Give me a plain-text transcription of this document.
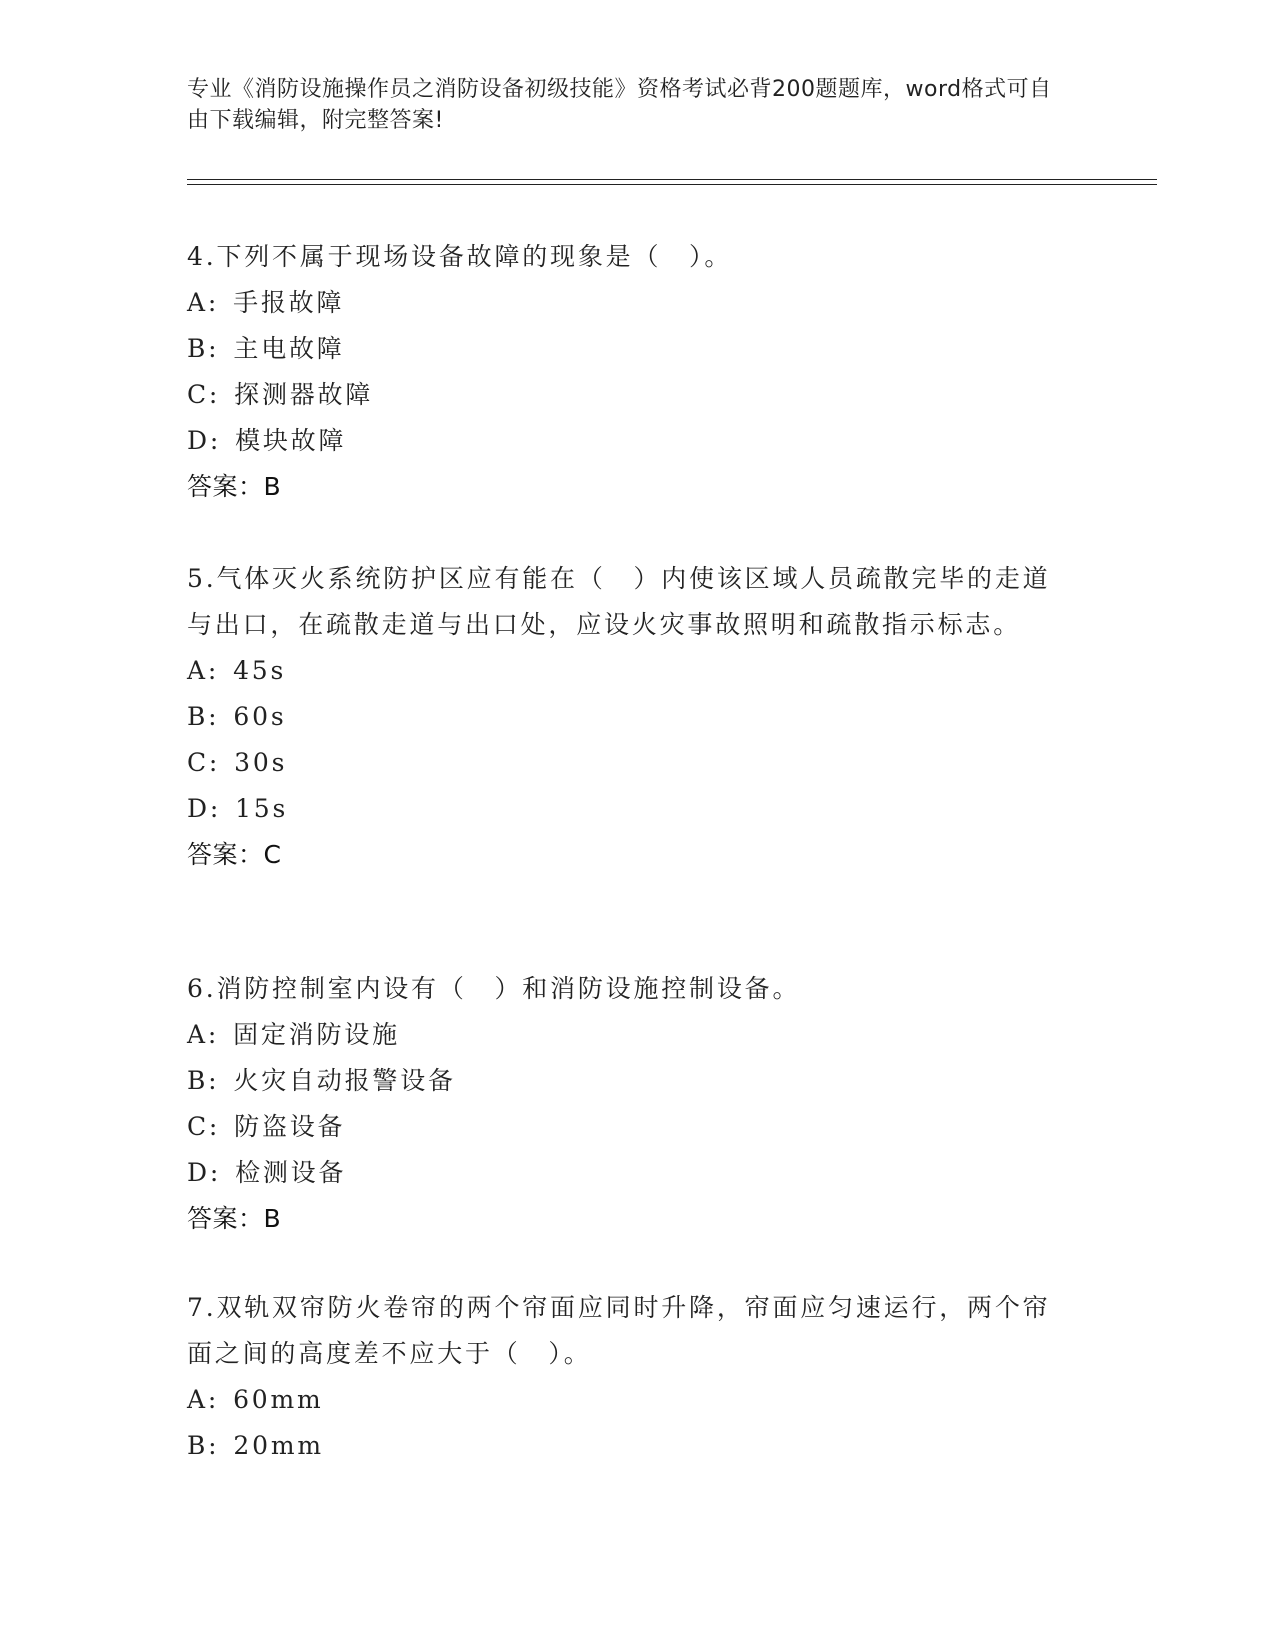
专业《消防设施操作员之消防设备初级技能》资格考试必背200题题库，word格式可自由下载编辑，附完整答案!

4.下列不属于现场设备故障的现象是（　）。

A: 手报故障
B: 主电故障
C: 探测器故障
D: 模块故障
答案：B

5.气体灭火系统防护区应有能在（　）内使该区域人员疏散完毕的走道与出口，在疏散走道与出口处，应设火灾事故照明和疏散指示标志。

A: 45s
B: 60s
C: 30s
D: 15s
答案：C

6.消防控制室内设有（　）和消防设施控制设备。

A: 固定消防设施
B: 火灾自动报警设备
C: 防盗设备
D: 检测设备
答案：B

7.双轨双帘防火卷帘的两个帘面应同时升降，帘面应匀速运行，两个帘面之间的高度差不应大于（　）。

A: 60mm
B: 20mm
